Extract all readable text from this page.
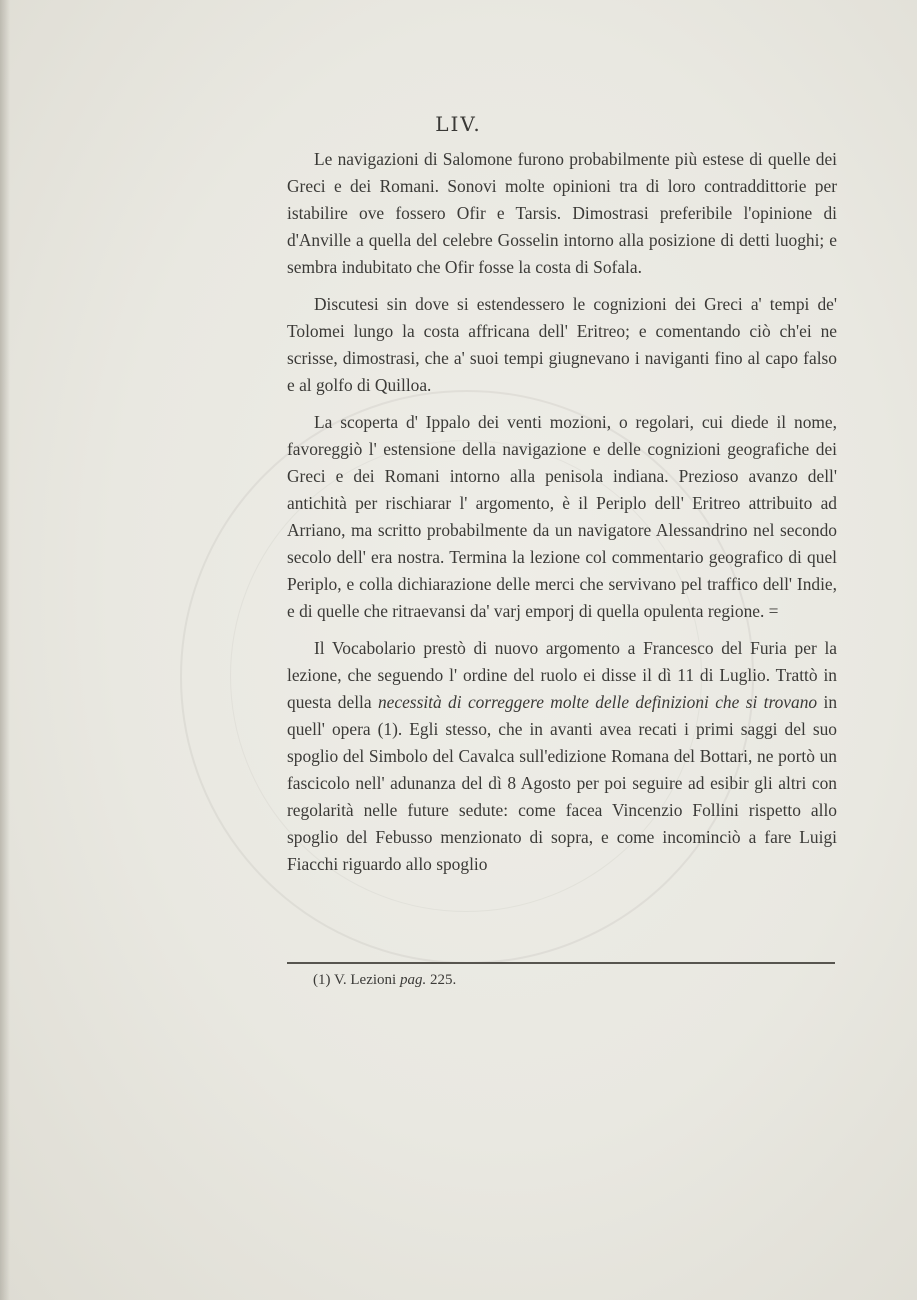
LIV.

Le navigazioni di Salomone furono probabilmente più estese di quelle dei Greci e dei Romani. Sonovi molte opinioni tra di loro contraddittorie per istabilire ove fossero Ofir e Tarsis. Dimostrasi preferibile l'opinione di d'Anville a quella del celebre Gosselin intorno alla posizione di detti luoghi; e sembra indubitato che Ofir fosse la costa di Sofala.

Discutesi sin dove si estendessero le cognizioni dei Greci a' tempi de' Tolomei lungo la costa affricana dell' Eritreo; e comentando ciò ch'ei ne scrisse, dimostrasi, che a' suoi tempi giugnevano i naviganti fino al capo falso e al golfo di Quilloa.

La scoperta d' Ippalo dei venti mozioni, o regolari, cui diede il nome, favoreggiò l' estensione della navigazione e delle cognizioni geografiche dei Greci e dei Romani intorno alla penisola indiana. Prezioso avanzo dell' antichità per rischiarar l' argomento, è il Periplo dell' Eritreo attribuito ad Arriano, ma scritto probabilmente da un navigatore Alessandrino nel secondo secolo dell' era nostra. Termina la lezione col commentario geografico di quel Periplo, e colla dichiarazione delle merci che servivano pel traffico dell' Indie, e di quelle che ritraevansi da' varj emporj di quella opulenta regione. =

Il Vocabolario prestò di nuovo argomento a Francesco del Furia per la lezione, che seguendo l' ordine del ruolo ei disse il dì 11 di Luglio. Trattò in questa della necessità di correggere molte delle definizioni che si trovano in quell' opera (1). Egli stesso, che in avanti avea recati i primi saggi del suo spoglio del Simbolo del Cavalca sull'edizione Romana del Bottari, ne portò un fascicolo nell' adunanza del dì 8 Agosto per poi seguire ad esibir gli altri con regolarità nelle future sedute: come facea Vincenzio Follini rispetto allo spoglio del Febusso menzionato di sopra, e come incominciò a fare Luigi Fiacchi riguardo allo spoglio

(1) V. Lezioni pag. 225.
